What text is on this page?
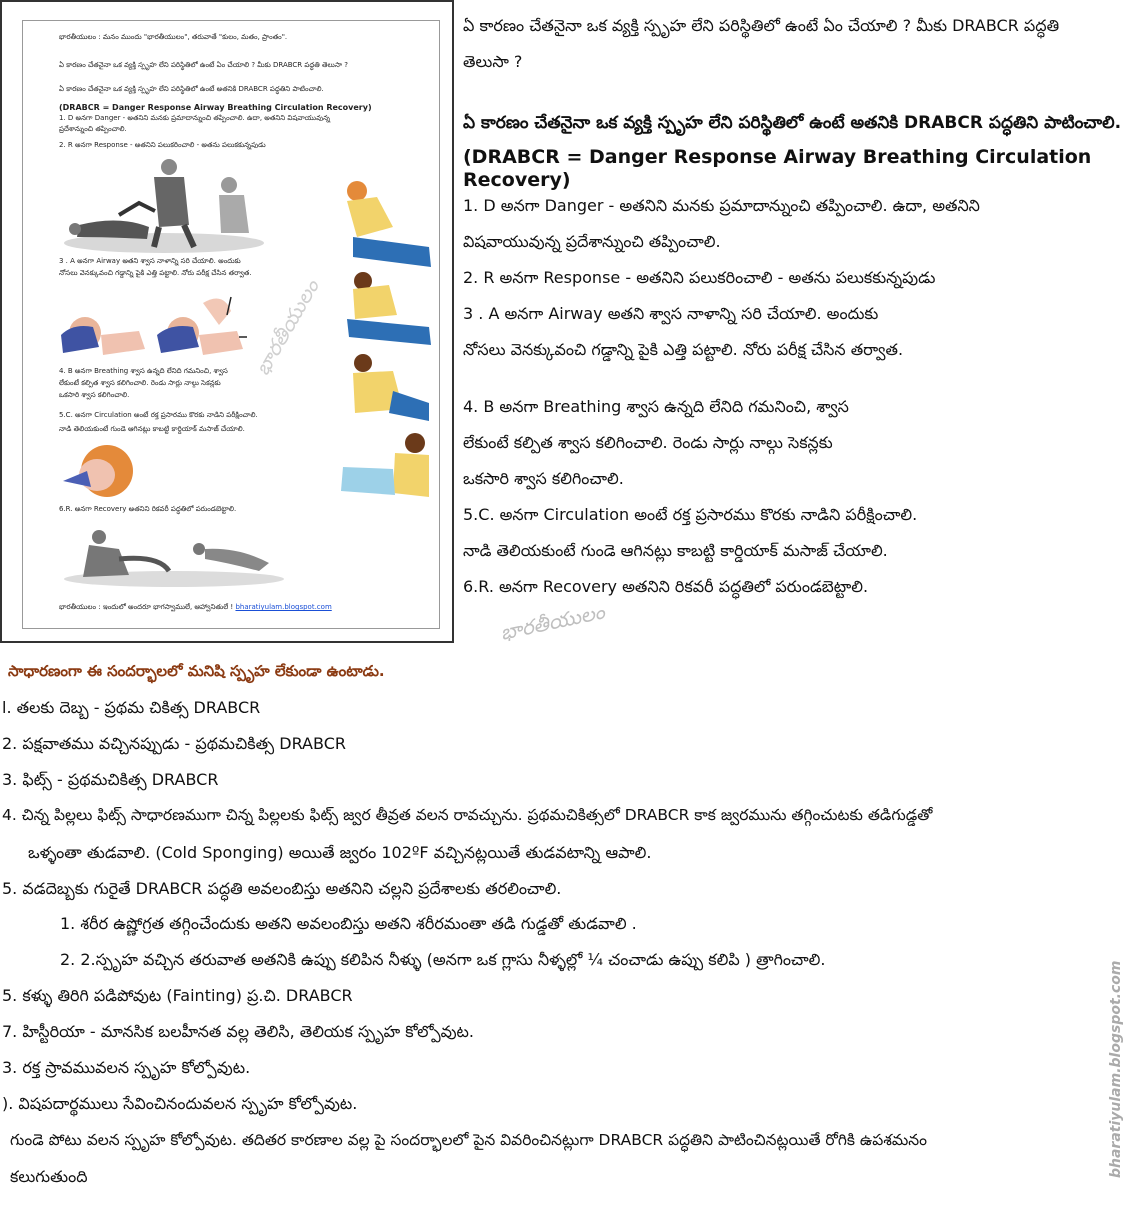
భారతీయులం : మనం ముందు "భారతీయులం", తరువాతే "కులం, మతం, ప్రాంతం".
ఏ కారణం చేతనైనా ఒక వ్యక్తి స్పృహ లేని పరిస్థితిలో ఉంటే ఏం చేయాలి ? మీకు DRABCR పద్ధతి తెలుసా ?
ఏ కారణం చేతనైనా ఒక వ్యక్తి స్పృహ లేని పరిస్థితిలో ఉంటే అతనికి DRABCR పద్ధతిని పాటించాలి.
(DRABCR = Danger Response Airway Breathing Circulation Recovery)
1. D అనగా Danger - అతనిని మనకు ప్రమాదాన్నుంచి తప్పించాలి. ఉదా, అతనిని విషవాయువున్న
ప్రదేశాన్నుంచి తప్పించాలి.
2. R అనగా Response - అతనిని పలుకరించాలి - అతను పలుకకున్నపుడు
3 . A అనగా Airway అతని శ్వాస నాళాన్ని సరి చేయాలి. అందుకు
నోసలు వెనక్కువంచి గడ్డాన్ని పైకి ఎత్తి పట్టాలి. నోరు పరీక్ష చేసిన తర్వాత.
4. B అనగా Breathing శ్వాస ఉన్నది లేనిది గమనించి, శ్వాస
లేకుంటే కల్పిత శ్వాస కలిగించాలి. రెండు సార్లు నాల్గు సెకన్లకు
ఒకసారి శ్వాస కలిగించాలి.
5.C. అనగా Circulation అంటే రక్త ప్రసారము కొరకు నాడిని పరీక్షించాలి.
నాడి తెలియకుంటే గుండె ఆగినట్లు కాబట్టి కార్డియాక్ మసాజ్ చేయాలి.
6.R. అనగా Recovery అతనిని రికవరీ పద్ధతిలో పరుండబెట్టాలి.
భారతీయులం : ఇందులో అందరూ భాగస్వాములే, ఆహ్వానితులే ! bharatiyulam.blogspot.com
ఏ కారణం చేతనైనా ఒక వ్యక్తి స్పృహ లేని పరిస్థితిలో ఉంటే ఏం చేయాలి ? మీకు DRABCR పద్ధతి
తెలుసా ?
ఏ కారణం చేతనైనా ఒక వ్యక్తి స్పృహ లేని పరిస్థితిలో ఉంటే అతనికి DRABCR పద్ధతిని పాటించాలి.
(DRABCR = Danger Response Airway Breathing Circulation
Recovery)
1. D అనగా Danger - అతనిని మనకు ప్రమాదాన్నుంచి తప్పించాలి. ఉదా, అతనిని
విషవాయువున్న ప్రదేశాన్నుంచి తప్పించాలి.
2. R అనగా Response - అతనిని పలుకరించాలి - అతను పలుకకున్నపుడు
3 . A అనగా Airway అతని శ్వాస నాళాన్ని సరి చేయాలి. అందుకు
నోసలు వెనక్కువంచి గడ్డాన్ని పైకి ఎత్తి పట్టాలి. నోరు పరీక్ష చేసిన తర్వాత.
4. B అనగా Breathing శ్వాస ఉన్నది లేనిది గమనించి, శ్వాస
లేకుంటే కల్పిత శ్వాస కలిగించాలి. రెండు సార్లు నాల్గు సెకన్లకు
ఒకసారి శ్వాస కలిగించాలి.
5.C. అనగా Circulation అంటే రక్త ప్రసారము కొరకు నాడిని పరీక్షించాలి.
నాడి తెలియకుంటే గుండె ఆగినట్లు కాబట్టి కార్డియాక్ మసాజ్ చేయాలి.
6.R. అనగా Recovery అతనిని రికవరీ పద్ధతిలో పరుండబెట్టాలి.
భారతీయులం
భారతీయులం
bharatiyulam.blogspot.com
సాధారణంగా ఈ సందర్భాలలో మనిషి స్పృహ లేకుండా ఉంటాడు.
l. తలకు దెబ్బ - ప్రథమ చికిత్స DRABCR
2. పక్షవాతము వచ్చినప్పుడు - ప్రథమచికిత్స DRABCR
3. ఫిట్స్ - ప్రథమచికిత్స DRABCR
4. చిన్న పిల్లలు ఫిట్స్ సాధారణముగా చిన్న పిల్లలకు ఫిట్స్ జ్వర తీవ్రత వలన రావచ్చును. ప్రథమచికిత్సలో DRABCR కాక జ్వరమును తగ్గించుటకు తడిగుడ్డతో
ఒళ్ళంతా తుడవాలి. (Cold Sponging) అయితే జ్వరం 102ºF వచ్చినట్లయితే తుడవటాన్ని ఆపాలి.
5. వడదెబ్బకు గురైతే DRABCR పద్ధతి అవలంబిస్తు అతనిని చల్లని ప్రదేశాలకు తరలించాలి.
1. శరీర ఉష్ణోగ్రత తగ్గించేందుకు అతని అవలంబిస్తు అతని శరీరమంతా తడి గుడ్డతో తుడవాలి .
2. 2.స్పృహ వచ్చిన తరువాత అతనికి ఉప్పు కలిపిన నీళ్ళు (అనగా ఒక గ్లాసు నీళ్ళల్లో ¼ చంచాడు ఉప్పు కలిపి ) త్రాగించాలి.
5. కళ్ళు తిరిగి పడిపోవుట (Fainting) ప్ర.చి. DRABCR
7. హిస్టీరియా - మానసిక బలహీనత వల్ల తెలిసి, తెలియక స్పృహ కోల్పోవుట.
3. రక్త స్రావమువలన స్పృహ కోల్పోవుట.
). విషపదార్థములు సేవించినందువలన స్పృహ కోల్పోవుట.
గుండె పోటు వలన స్పృహ కోల్పోవుట. తదితర కారణాల వల్ల పై సందర్భాలలో పైన వివరించినట్లుగా DRABCR పద్ధతిని పాటించినట్లయితే రోగికి ఉపశమనం
కలుగుతుంది
